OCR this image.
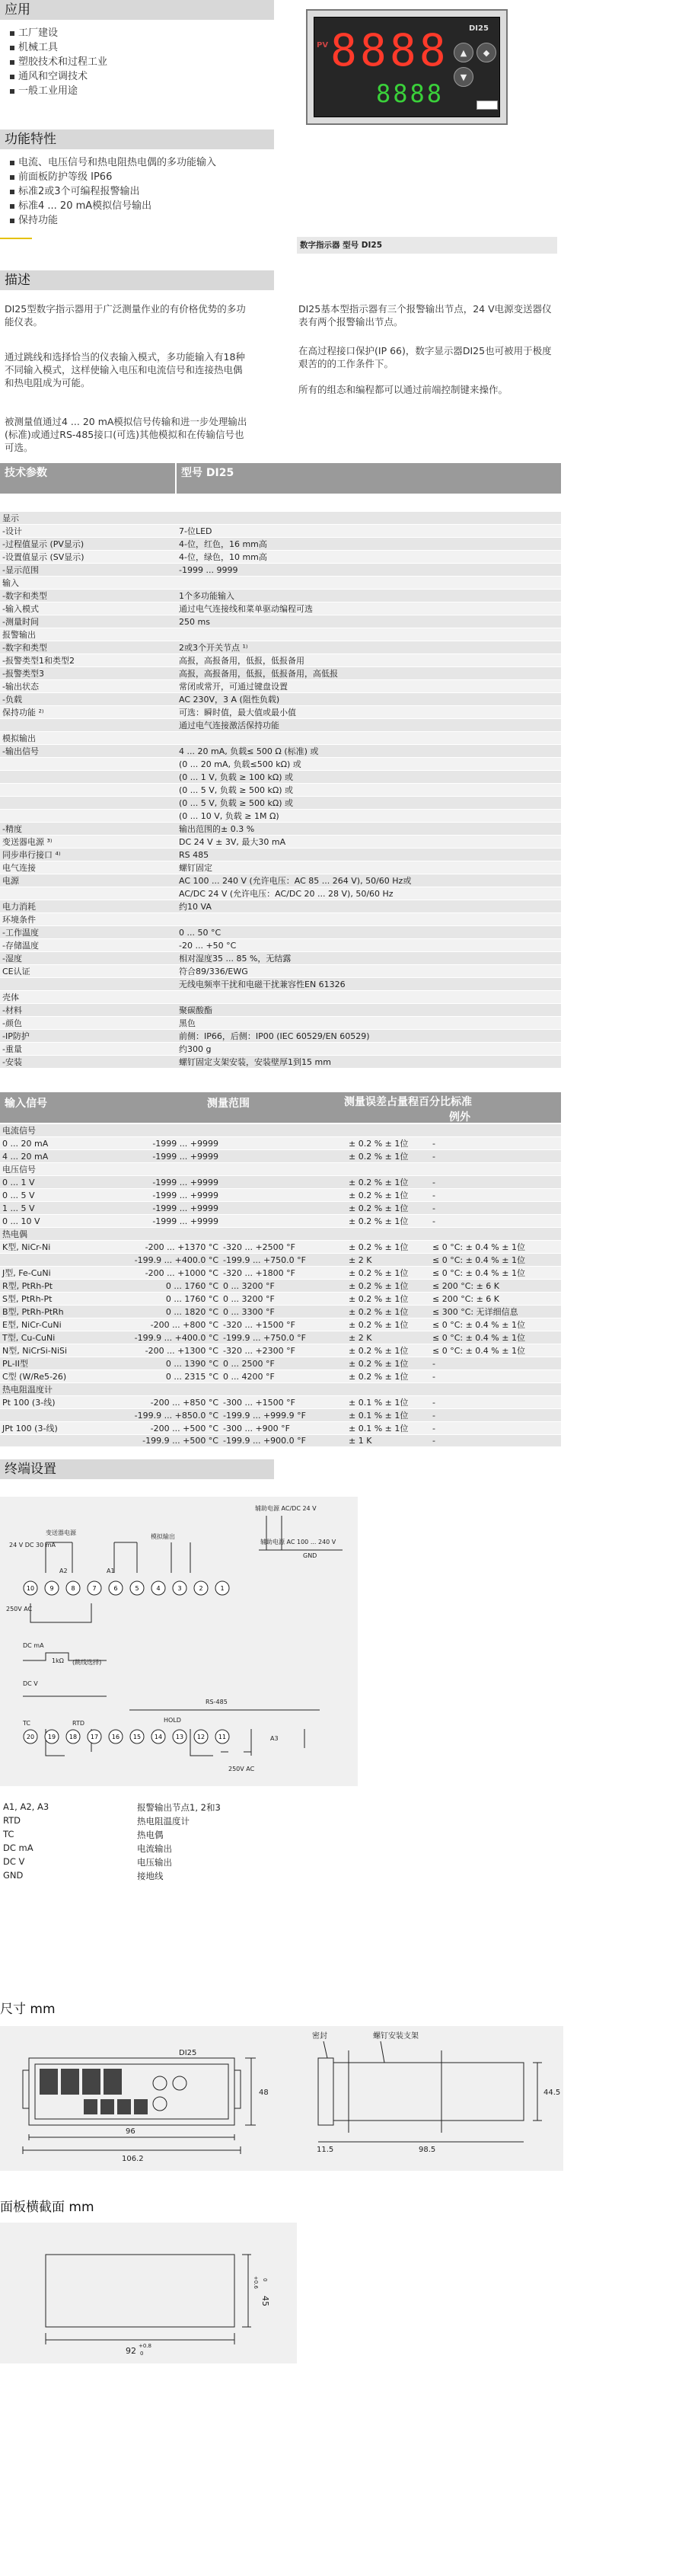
应用
工厂建设
机械工具
塑胶技术和过程工业
通风和空调技术
一般工业用途
功能特性
电流、电压信号和热电阻热电偶的多功能输入
前面板防护等级 IP66
标准2或3个可编程报警输出
标准4 ... 20 mA模拟信号输出
保持功能
PV 8888
8888
DI25
▲	◆
▼
数字指示器 型号 DI25
描述
DI25型数字指示器用于广泛测量作业的有价格优势的多功能仪表。
通过跳线和选择恰当的仪表输入模式，多功能输入有18种不同输入模式，这样使输入电压和电流信号和连接热电偶和热电阻成为可能。
被测量值通过4 ... 20 mA模拟信号传输和进一步处理输出(标准)或通过RS-485接口(可选)其他模拟和在传输信号也可选。
DI25基本型指示器有三个报警输出节点，24 V电源变送器仪表有两个报警输出节点。
在高过程接口保护(IP 66)，数字显示器DI25也可被用于极度艰苦的的工作条件下。
所有的组态和编程都可以通过前端控制键来操作。
技术参数	型号 DI25
显示	
-设计	7-位LED
-过程值显示 (PV显示)	4-位，红色，16 mm高
-设置值显示 (SV显示)	4-位，绿色，10 mm高
-显示范围	-1999 ... 9999
输入	
-数字和类型	1个多功能输入
-输入模式	通过电气连接线和菜单驱动编程可选
-测量时间	250 ms
报警输出	
-数字和类型	2或3个开关节点 ¹⁾
-报警类型1和类型2	高报，高报备用，低报，低报备用
-报警类型3	高报，高报备用，低报，低报备用，高低报
-输出状态	常闭或常开，可通过键盘设置
-负载	AC 230V，3 A (阻性负载)
保持功能 ²⁾	可选：瞬时值，最大值或最小值
	通过电气连接激活保持功能
模拟输出	
-输出信号	4 ... 20 mA, 负载≤ 500 Ω (标准) 或
	(0 ... 20 mA, 负载≤500 kΩ) 或
	(0 ... 1 V, 负载 ≥ 100 kΩ) 或
	(0 ... 5 V, 负载 ≥ 500 kΩ) 或
	(0 ... 5 V, 负载 ≥ 500 kΩ) 或
	(0 ... 10 V, 负载 ≥ 1M Ω)
-精度	输出范围的± 0.3 %
变送器电源 ³⁾	DC 24 V ± 3V, 最大30 mA
同步串行接口 ⁴⁾	RS 485
电气连接	螺钉固定
电源	AC 100 ... 240 V (允许电压：AC 85 ... 264 V), 50/60 Hz或
	AC/DC 24 V (允许电压：AC/DC 20 ... 28 V), 50/60 Hz
电力消耗	约10 VA
环境条件	
-工作温度	0 ... 50 °C
-存储温度	-20 ... +50 °C
-湿度	相对湿度35 ... 85 %，无结露
CE认证	符合89/336/EWG
	无线电频率干扰和电磁干扰兼容性EN 61326
壳体	
-材料	聚碳酸酯
-颜色	黑色
-IP防护	前侧：IP66，后侧：IP00 (IEC 60529/EN 60529)
-重量	约300 g
-安装	螺钉固定支架安装，安装壁厚1到15 mm
输入信号	测量范围	测量误差占量程百分比标准
例外
电流信号				
0 ... 20 mA	-1999 ... +9999		± 0.2 % ± 1位	-
4 ... 20 mA	-1999 ... +9999		± 0.2 % ± 1位	-
电压信号				
0 ... 1 V	-1999 ... +9999		± 0.2 % ± 1位	-
0 ... 5 V	-1999 ... +9999		± 0.2 % ± 1位	-
1 ... 5 V	-1999 ... +9999		± 0.2 % ± 1位	-
0 ... 10 V	-1999 ... +9999		± 0.2 % ± 1位	-
热电偶				
K型, NiCr-Ni	-200 ... +1370 °C	-320 ... +2500 °F	± 0.2 % ± 1位	≤ 0 °C: ± 0.4 % ± 1位
	-199.9 ... +400.0 °C	-199.9 ... +750.0 °F	± 2 K	≤ 0 °C: ± 0.4 % ± 1位
J型, Fe-CuNi	-200 ... +1000 °C	-320 ... +1800 °F	± 0.2 % ± 1位	≤ 0 °C: ± 0.4 % ± 1位
R型, PtRh-Pt	0 ... 1760 °C	0 ... 3200 °F	± 0.2 % ± 1位	≤ 200 °C: ± 6 K
S型, PtRh-Pt	0 ... 1760 °C	0 ... 3200 °F	± 0.2 % ± 1位	≤ 200 °C: ± 6 K
B型, PtRh-PtRh	0 ... 1820 °C	0 ... 3300 °F	± 0.2 % ± 1位	≤ 300 °C: 无详细信息
E型, NiCr-CuNi	-200 ... +800 °C	-320 ... +1500 °F	± 0.2 % ± 1位	≤ 0 °C: ± 0.4 % ± 1位
T型, Cu-CuNi	-199.9 ... +400.0 °C	-199.9 ... +750.0 °F	± 2 K	≤ 0 °C: ± 0.4 % ± 1位
N型, NiCrSi-NiSi	-200 ... +1300 °C	-320 ... +2300 °F	± 0.2 % ± 1位	≤ 0 °C: ± 0.4 % ± 1位
PL-II型	0 ... 1390 °C	0 ... 2500 °F	± 0.2 % ± 1位	-
C型 (W/Re5-26)	0 ... 2315 °C	0 ... 4200 °F	± 0.2 % ± 1位	-
热电阻温度计				
Pt 100 (3-线)	-200 ... +850 °C	-300 ... +1500 °F	± 0.1 % ± 1位	-
	-199.9 ... +850.0 °C	-199.9 ... +999.9 °F	± 0.1 % ± 1位	-
JPt 100 (3-线)	-200 ... +500 °C	-300 ... +900 °F	± 0.1 % ± 1位	-
	-199.9 ... +500 °C	-199.9 ... +900.0 °F	± 1 K	-
终端设置
10	9	8	7	6	5	4	3	2	1
20 19 18 17 16 15 14 13 12 11
变送器电源
24 V DC 30 mA
模拟输出
辅助电源 AC/DC 24 V
辅助电源 AC 100 ... 240 V
GND
A2	A1
A3
250V AC
250V AC
DC mA
DC V
TC	RTD	HOLD
RS-485
(跳线选择)
1kΩ
A1, A2, A3	报警输出节点1, 2和3
RTD	热电阻温度计
TC	热电偶
DC mA	电流输出
DC V	电压输出
GND	接地线
尺寸 mm
DI25
96
106.2
48	44.5
11.5	98.5
密封	螺钉安装支架
面板横截面 mm
92 +0.8
0
45
+0.6 0
